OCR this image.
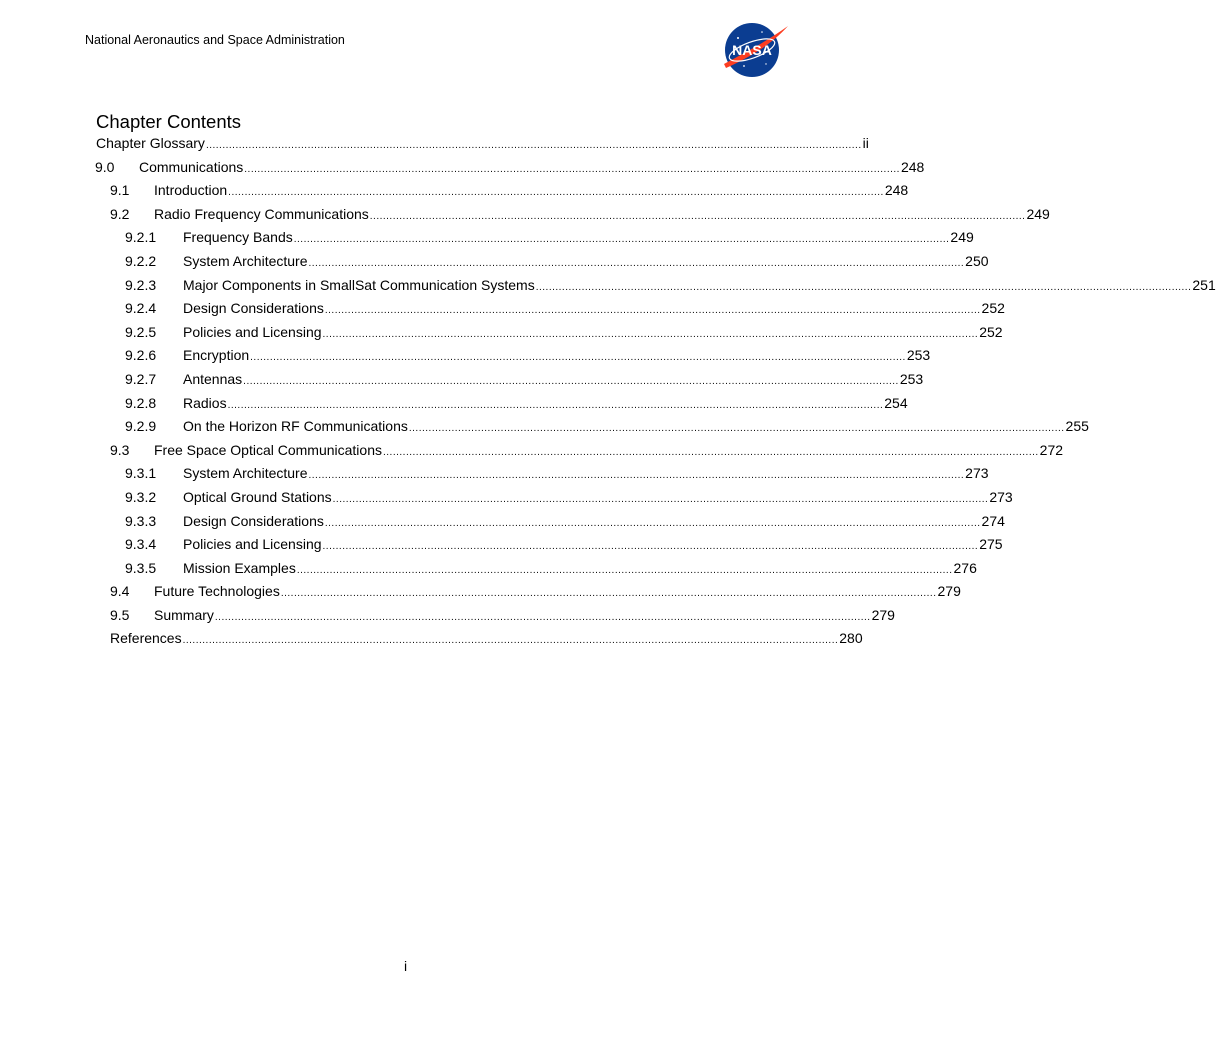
National Aeronautics and Space Administration
NASA
Chapter Contents
Chapter Glossary ........................................................................................................................................................................................................ ii
9.0 Communications ........................................................................................................................................................................................................ 248
9.1 Introduction ........................................................................................................................................................................................................ 248
9.2 Radio Frequency Communications ........................................................................................................................................................................................................ 249
9.2.1 Frequency Bands ........................................................................................................................................................................................................ 249
9.2.2 System Architecture ........................................................................................................................................................................................................ 250
9.2.3 Major Components in SmallSat Communication Systems ........................................................................................................................................................................................................ 251
9.2.4 Design Considerations ........................................................................................................................................................................................................ 252
9.2.5 Policies and Licensing ........................................................................................................................................................................................................ 252
9.2.6 Encryption ........................................................................................................................................................................................................ 253
9.2.7 Antennas ........................................................................................................................................................................................................ 253
9.2.8 Radios ........................................................................................................................................................................................................ 254
9.2.9 On the Horizon RF Communications ........................................................................................................................................................................................................ 255
9.3 Free Space Optical Communications ........................................................................................................................................................................................................ 272
9.3.1 System Architecture ........................................................................................................................................................................................................ 273
9.3.2 Optical Ground Stations ........................................................................................................................................................................................................ 273
9.3.3 Design Considerations ........................................................................................................................................................................................................ 274
9.3.4 Policies and Licensing ........................................................................................................................................................................................................ 275
9.3.5 Mission Examples ........................................................................................................................................................................................................ 276
9.4 Future Technologies ........................................................................................................................................................................................................ 279
9.5 Summary ........................................................................................................................................................................................................ 279
References ........................................................................................................................................................................................................ 280
i
